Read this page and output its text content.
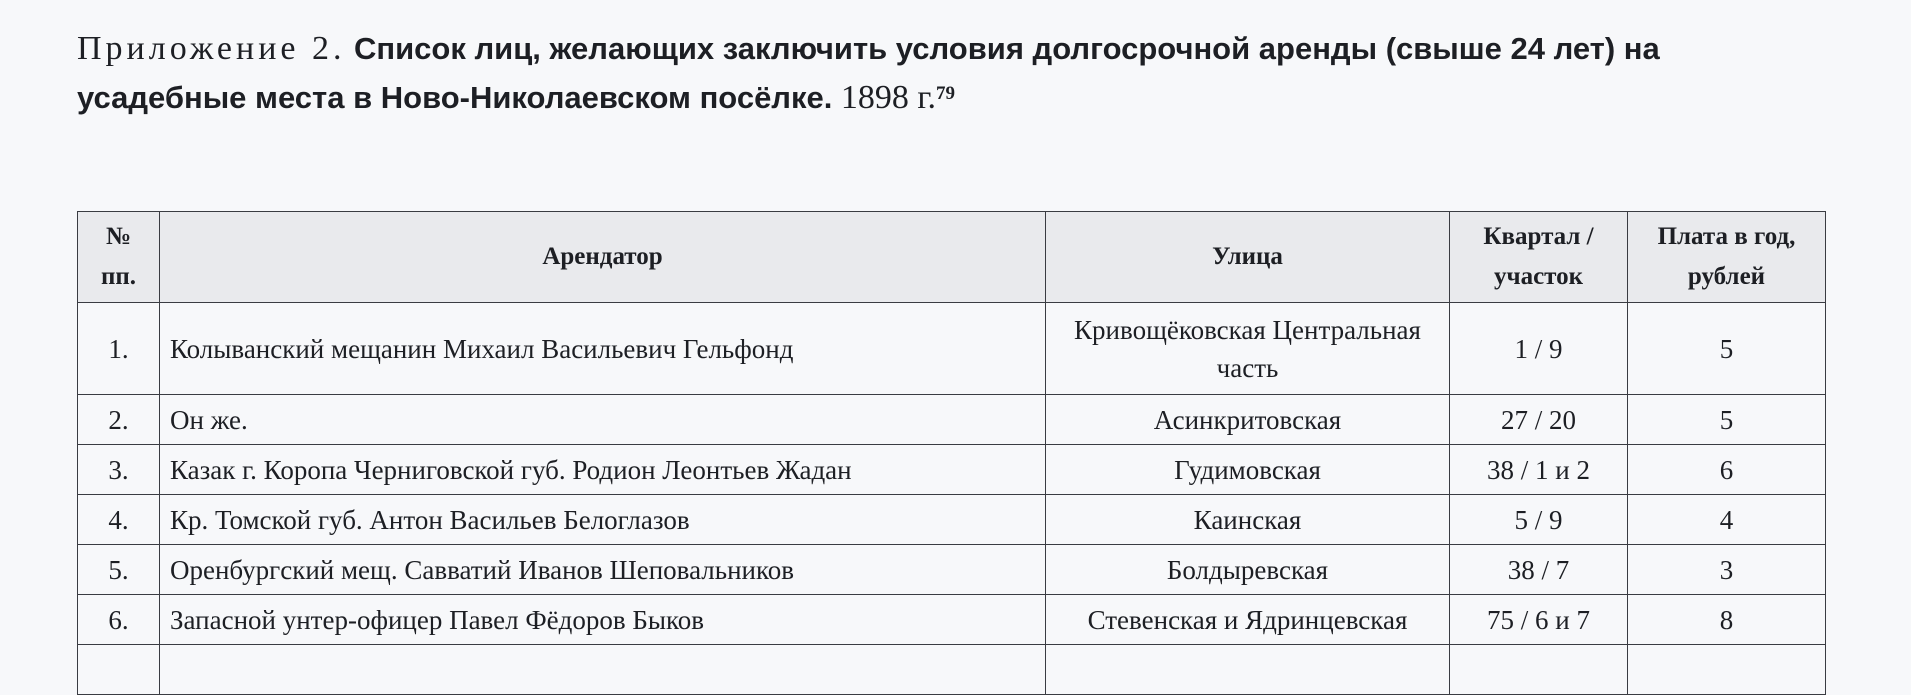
Приложение 2. Список лиц, желающих заключить условия долгосрочной аренды (свыше 24 лет) на усадебные места в Ново-Николаевском посёлке. 1898 г.$^{79}$
№ пп.	Арендатор	Улица	Квартал / участок	Плата в год, рублей
1.	Колыванский мещанин Михаил Васильевич Гельфонд	Кривощёковская Центральная часть	1 / 9	5
2.	Он же.	Асинкритовская	27 / 20	5
3.	Казак г. Коропа Черниговской губ. Родион Леонтьев Жадан	Гудимовская	38 / 1 и 2	6
4.	Кр. Томской губ. Антон Васильев Белоглазов	Каинская	5 / 9	4
5.	Оренбургский мещ. Савватий Иванов Шеповальников	Болдыревская	38 / 7	3
6.	Запасной унтер-офицер Павел Фёдоров Быков	Стевенская и Ядринцевская	75 / 6 и 7	8
